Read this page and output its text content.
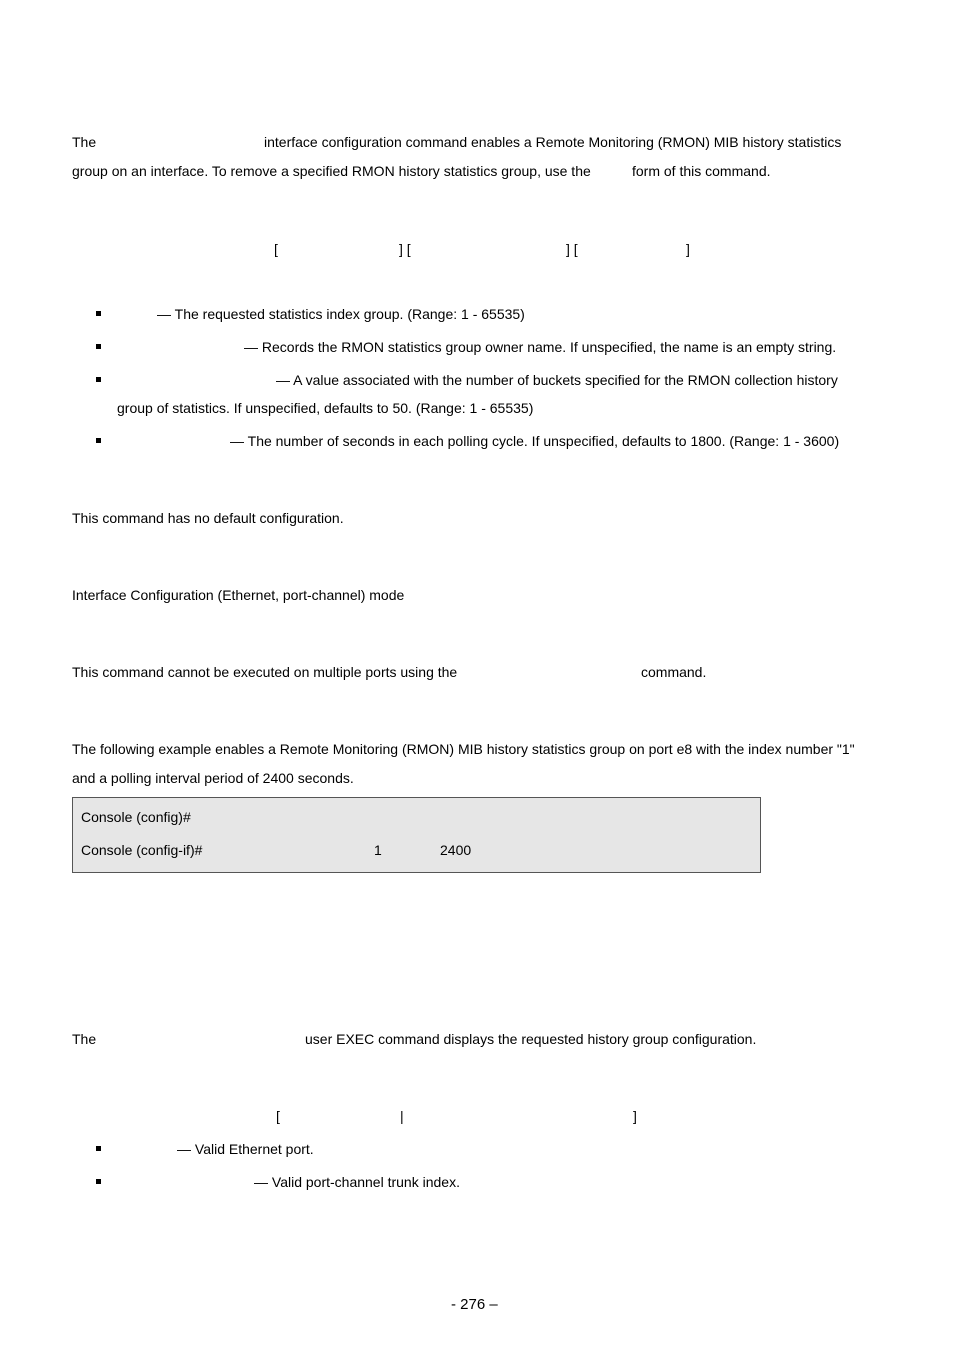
The	interface configuration command enables a Remote Monitoring (RMON) MIB history statistics
group on an interface. To remove a specified RMON history statistics group, use the	form of this command.
[	] [	] [	]
— The requested statistics index group. (Range: 1 - 65535)
— Records the RMON statistics group owner name. If unspecified, the name is an empty string.
— A value associated with the number of buckets specified for the RMON collection history
group of statistics. If unspecified, defaults to 50. (Range: 1 - 65535)
— The number of seconds in each polling cycle. If unspecified, defaults to 1800. (Range: 1 - 3600)
This command has no default configuration.
Interface Configuration (Ethernet, port-channel) mode
This command cannot be executed on multiple ports using the	command.
The following example enables a Remote Monitoring (RMON) MIB history statistics group on port e8 with the index number "1"
and a polling interval period of 2400 seconds.
Console (config)#
Console (config-if)#	1	2400
The	user EXEC command displays the requested history group configuration.
[	|	]
— Valid Ethernet port.
— Valid port-channel trunk index.
- 276 –
